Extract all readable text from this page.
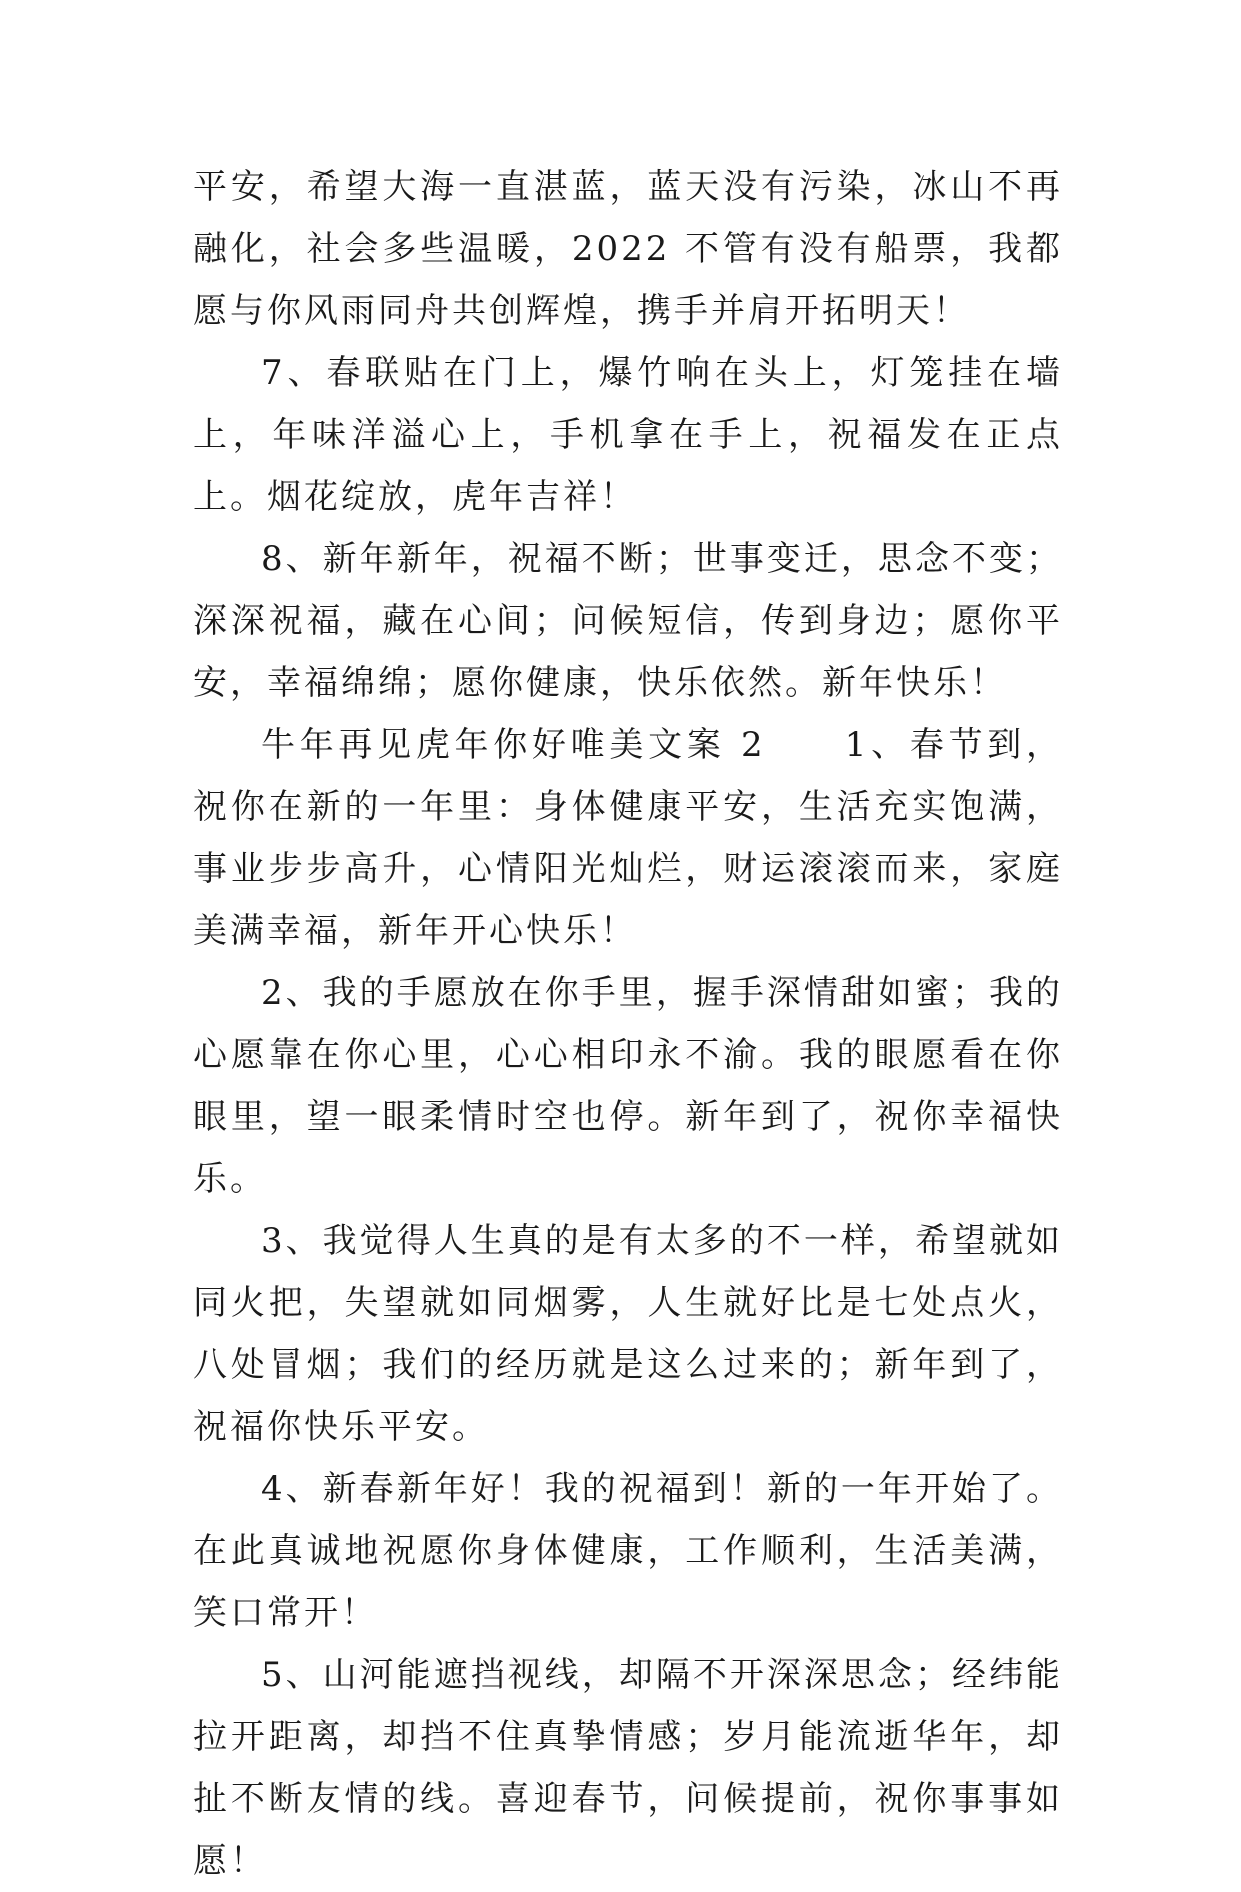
平安，希望大海一直湛蓝，蓝天没有污染，冰山不再融化，社会多些温暖，2022 不管有没有船票，我都愿与你风雨同舟共创辉煌，携手并肩开拓明天！

7、春联贴在门上，爆竹响在头上，灯笼挂在墙上，年味洋溢心上，手机拿在手上，祝福发在正点上。烟花绽放，虎年吉祥！

8、新年新年，祝福不断；世事变迁，思念不变；深深祝福，藏在心间；问候短信，传到身边；愿你平安，幸福绵绵；愿你健康，快乐依然。新年快乐！

牛年再见虎年你好唯美文案 2　　1、春节到，祝你在新的一年里：身体健康平安，生活充实饱满，事业步步高升，心情阳光灿烂，财运滚滚而来，家庭美满幸福，新年开心快乐！

2、我的手愿放在你手里，握手深情甜如蜜；我的心愿靠在你心里，心心相印永不渝。我的眼愿看在你眼里，望一眼柔情时空也停。新年到了，祝你幸福快乐。

3、我觉得人生真的是有太多的不一样，希望就如同火把，失望就如同烟雾，人生就好比是七处点火，八处冒烟；我们的经历就是这么过来的；新年到了，祝福你快乐平安。

4、新春新年好！我的祝福到！新的一年开始了。在此真诚地祝愿你身体健康，工作顺利，生活美满，笑口常开！

5、山河能遮挡视线，却隔不开深深思念；经纬能拉开距离，却挡不住真挚情感；岁月能流逝华年，却扯不断友情的线。喜迎春节，问候提前，祝你事事如愿！
